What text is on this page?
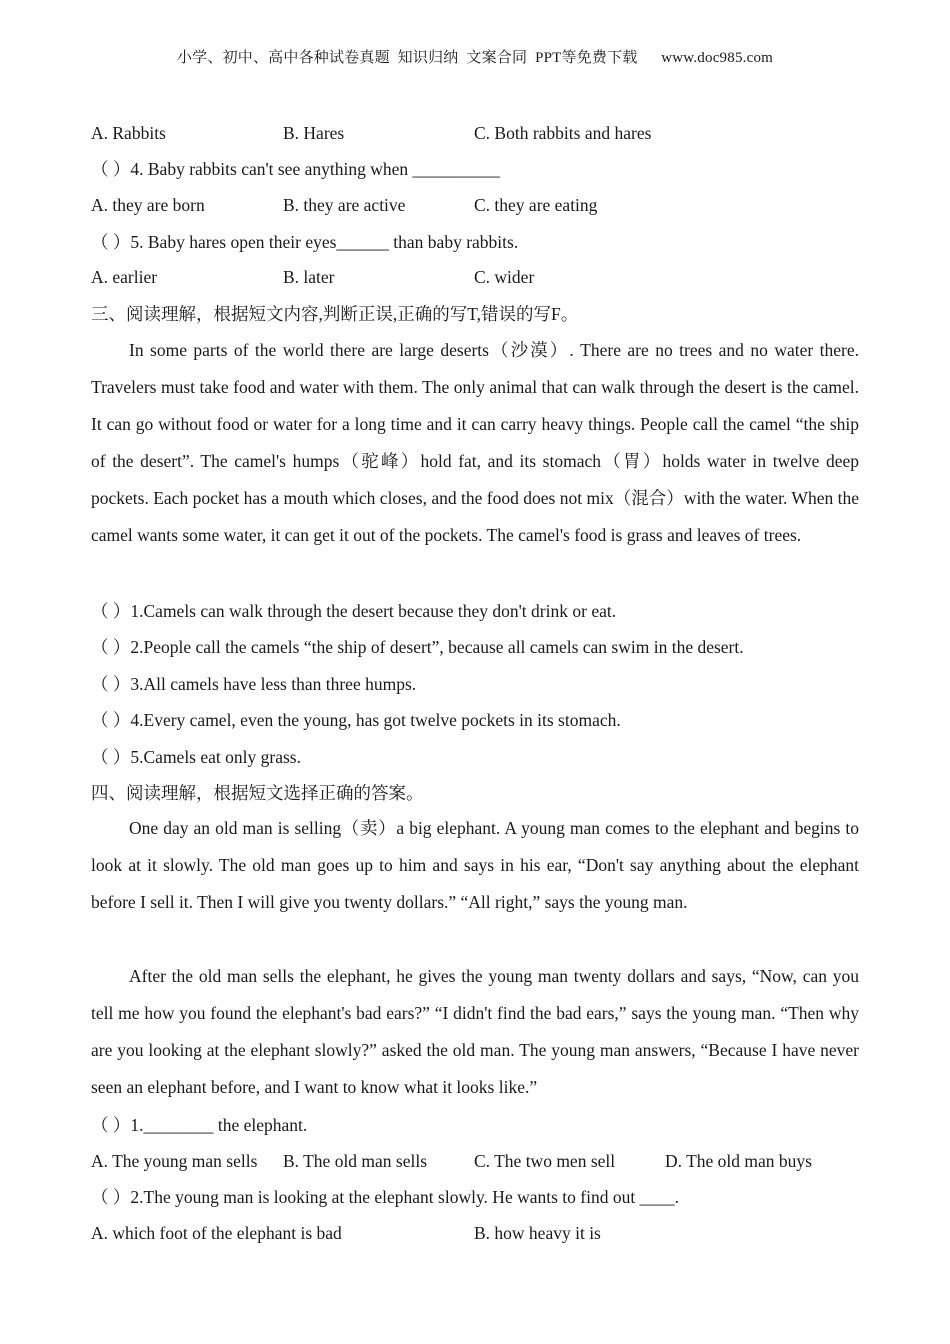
小学、初中、高中各种试卷真题  知识归纳  文案合同  PPT等免费下载      www.doc985.com
A. Rabbits	B. Hares	C. Both rabbits and hares
（ ）4. Baby rabbits can't see anything when __________
A. they are born	B. they are active	C. they are eating
（ ）5. Baby hares open their eyes______ than baby rabbits.
A. earlier	B. later	C. wider
三、阅读理解，根据短文内容,判断正误,正确的写T,错误的写F。
In some parts of the world there are large deserts（沙漠）. There are no trees and no water there. Travelers must take food and water with them. The only animal that can walk through the desert is the camel. It can go without food or water for a long time and it can carry heavy things. People call the camel “the ship of the desert”. The camel's humps（驼峰）hold fat, and its stomach（胃）holds water in twelve deep pockets. Each pocket has a mouth which closes, and the food does not mix（混合）with the water. When the camel wants some water, it can get it out of the pockets. The camel's food is grass and leaves of trees.
（ ）1.Camels can walk through the desert because they don't drink or eat.
（ ）2.People call the camels “the ship of desert”, because all camels can swim in the desert.
（ ）3.All camels have less than three humps.
（ ）4.Every camel, even the young, has got twelve pockets in its stomach.
（ ）5.Camels eat only grass.
四、阅读理解，根据短文选择正确的答案。
One day an old man is selling（卖）a big elephant. A young man comes to the elephant and begins to look at it slowly. The old man goes up to him and says in his ear, “Don't say anything about the elephant before I sell it. Then I will give you twenty dollars.” “All right,” says the young man.
After the old man sells the elephant, he gives the young man twenty dollars and says, “Now, can you tell me how you found the elephant's bad ears?” “I didn't find the bad ears,” says the young man. “Then why are you looking at the elephant slowly?” asked the old man. The young man answers, “Because I have never seen an elephant before, and I want to know what it looks like.”
（ ）1.________ the elephant.
A. The young man sells B. The old man sells	C. The two men sell	D. The old man buys
（ ）2.The young man is looking at the elephant slowly. He wants to find out ____.
A. which foot of the elephant is bad	B. how heavy it is
